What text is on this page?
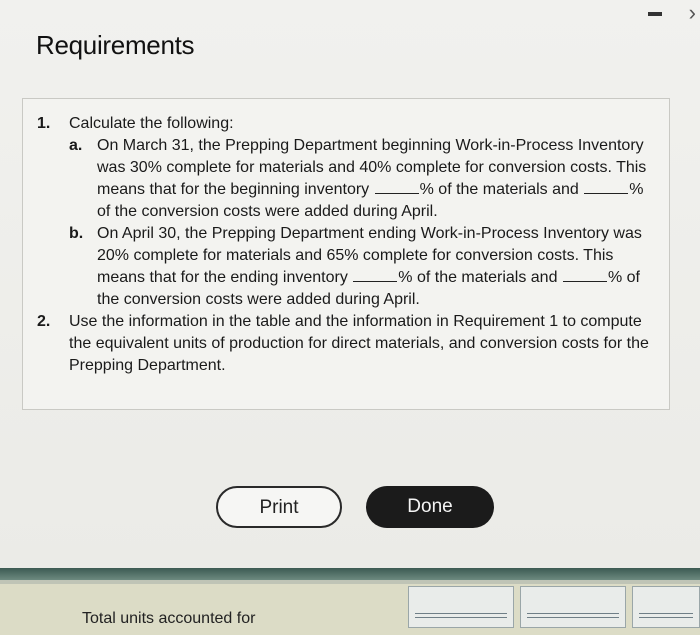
Requirements
›
1. Calculate the following:
a. On March 31, the Prepping Department beginning Work-in-Process Inventory was 30% complete for materials and 40% complete for conversion costs. This means that for the beginning inventory	% of the materials and	% of the conversion costs were added during April.
b. On April 30, the Prepping Department ending Work-in-Process Inventory was 20% complete for materials and 65% complete for conversion costs. This means that for the ending inventory	% of the materials and	% of the conversion costs were added during April.
2. Use the information in the table and the information in Requirement 1 to compute the equivalent units of production for direct materials, and conversion costs for the Prepping Department.
Print	Done
Total units accounted for
